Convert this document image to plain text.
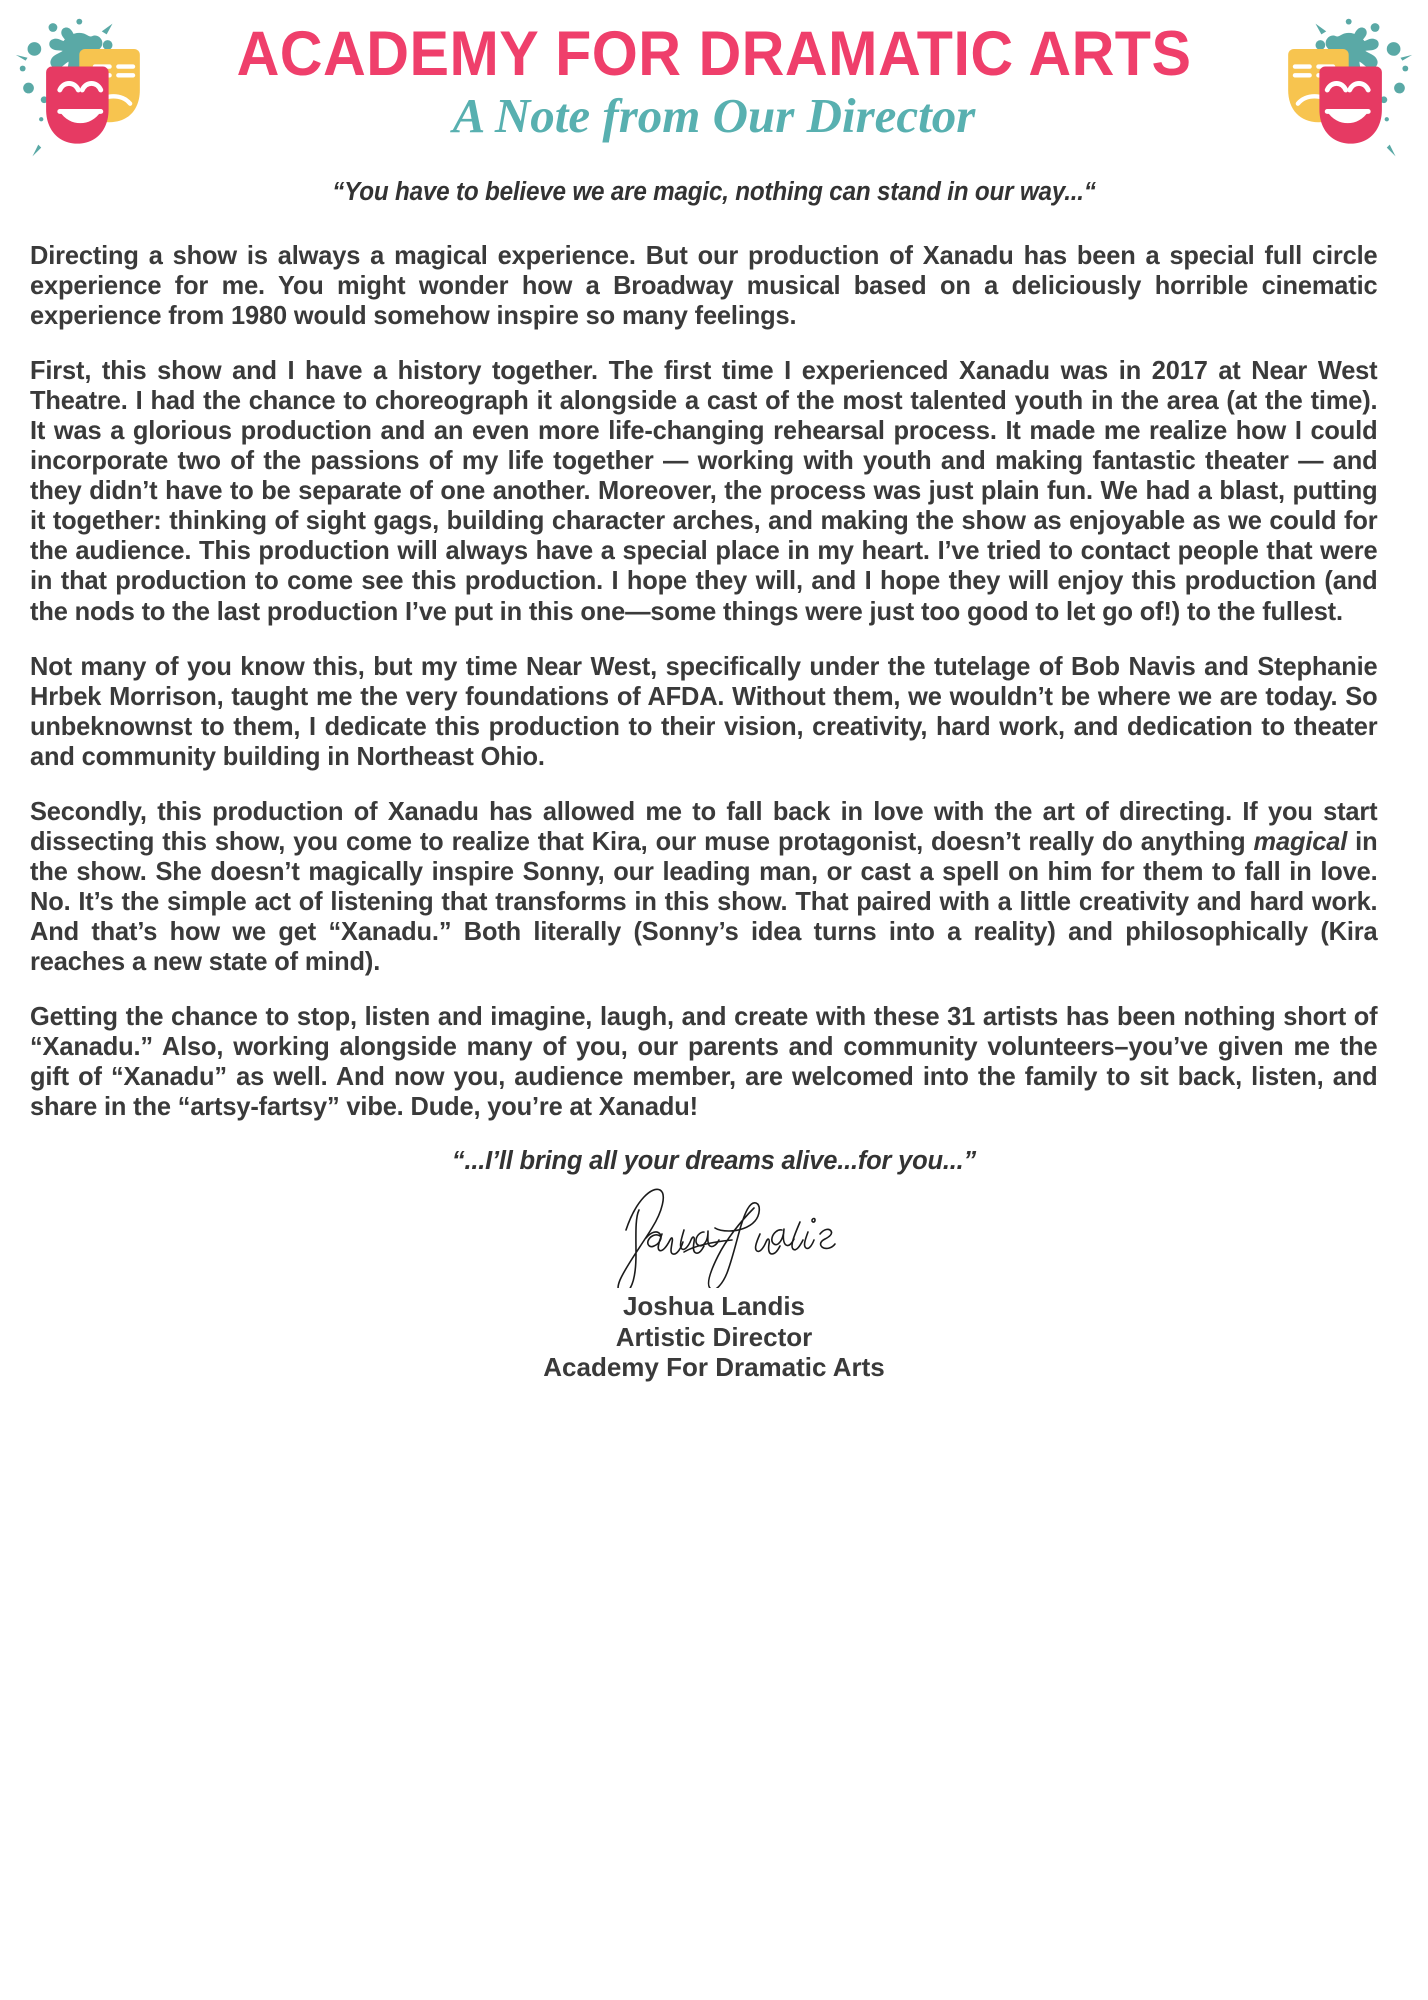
ACADEMY FOR DRAMATIC ARTS
A Note from Our Director

“You have to believe we are magic, nothing can stand in our way...“

Directing a show is always a magical experience. But our production of Xanadu has been a special full circle experience for me. You might wonder how a Broadway musical based on a deliciously horrible cinematic experience from 1980 would somehow inspire so many feelings.

First, this show and I have a history together. The first time I experienced Xanadu was in 2017 at Near West Theatre. I had the chance to choreograph it alongside a cast of the most talented youth in the area (at the time). It was a glorious production and an even more life-changing rehearsal process. It made me realize how I could incorporate two of the passions of my life together — working with youth and making fantastic theater — and they didn’t have to be separate of one another. Moreover, the process was just plain fun. We had a blast, putting it together: thinking of sight gags, building character arches, and making the show as enjoyable as we could for the audience. This production will always have a special place in my heart. I’ve tried to contact people that were in that production to come see this production. I hope they will, and I hope they will enjoy this production (and the nods to the last production I’ve put in this one—some things were just too good to let go of!) to the fullest.

Not many of you know this, but my time Near West, specifically under the tutelage of Bob Navis and Stephanie Hrbek Morrison, taught me the very foundations of AFDA. Without them, we wouldn’t be where we are today. So unbeknownst to them, I dedicate this production to their vision, creativity, hard work, and dedication to theater and community building in Northeast Ohio.

Secondly, this production of Xanadu has allowed me to fall back in love with the art of directing. If you start dissecting this show, you come to realize that Kira, our muse protagonist, doesn’t really do anything magical in the show. She doesn’t magically inspire Sonny, our leading man, or cast a spell on him for them to fall in love. No. It’s the simple act of listening that transforms in this show. That paired with a little creativity and hard work. And that’s how we get “Xanadu.” Both literally (Sonny’s idea turns into a reality) and philosophically (Kira reaches a new state of mind).

Getting the chance to stop, listen and imagine, laugh, and create with these 31 artists has been nothing short of “Xanadu.” Also, working alongside many of you, our parents and community volunteers–you’ve given me the gift of “Xanadu” as well. And now you, audience member, are welcomed into the family to sit back, listen, and share in the “artsy-fartsy” vibe. Dude, you’re at Xanadu!

“...I’ll bring all your dreams alive...for you...”

Joshua Landis
Artistic Director
Academy For Dramatic Arts
